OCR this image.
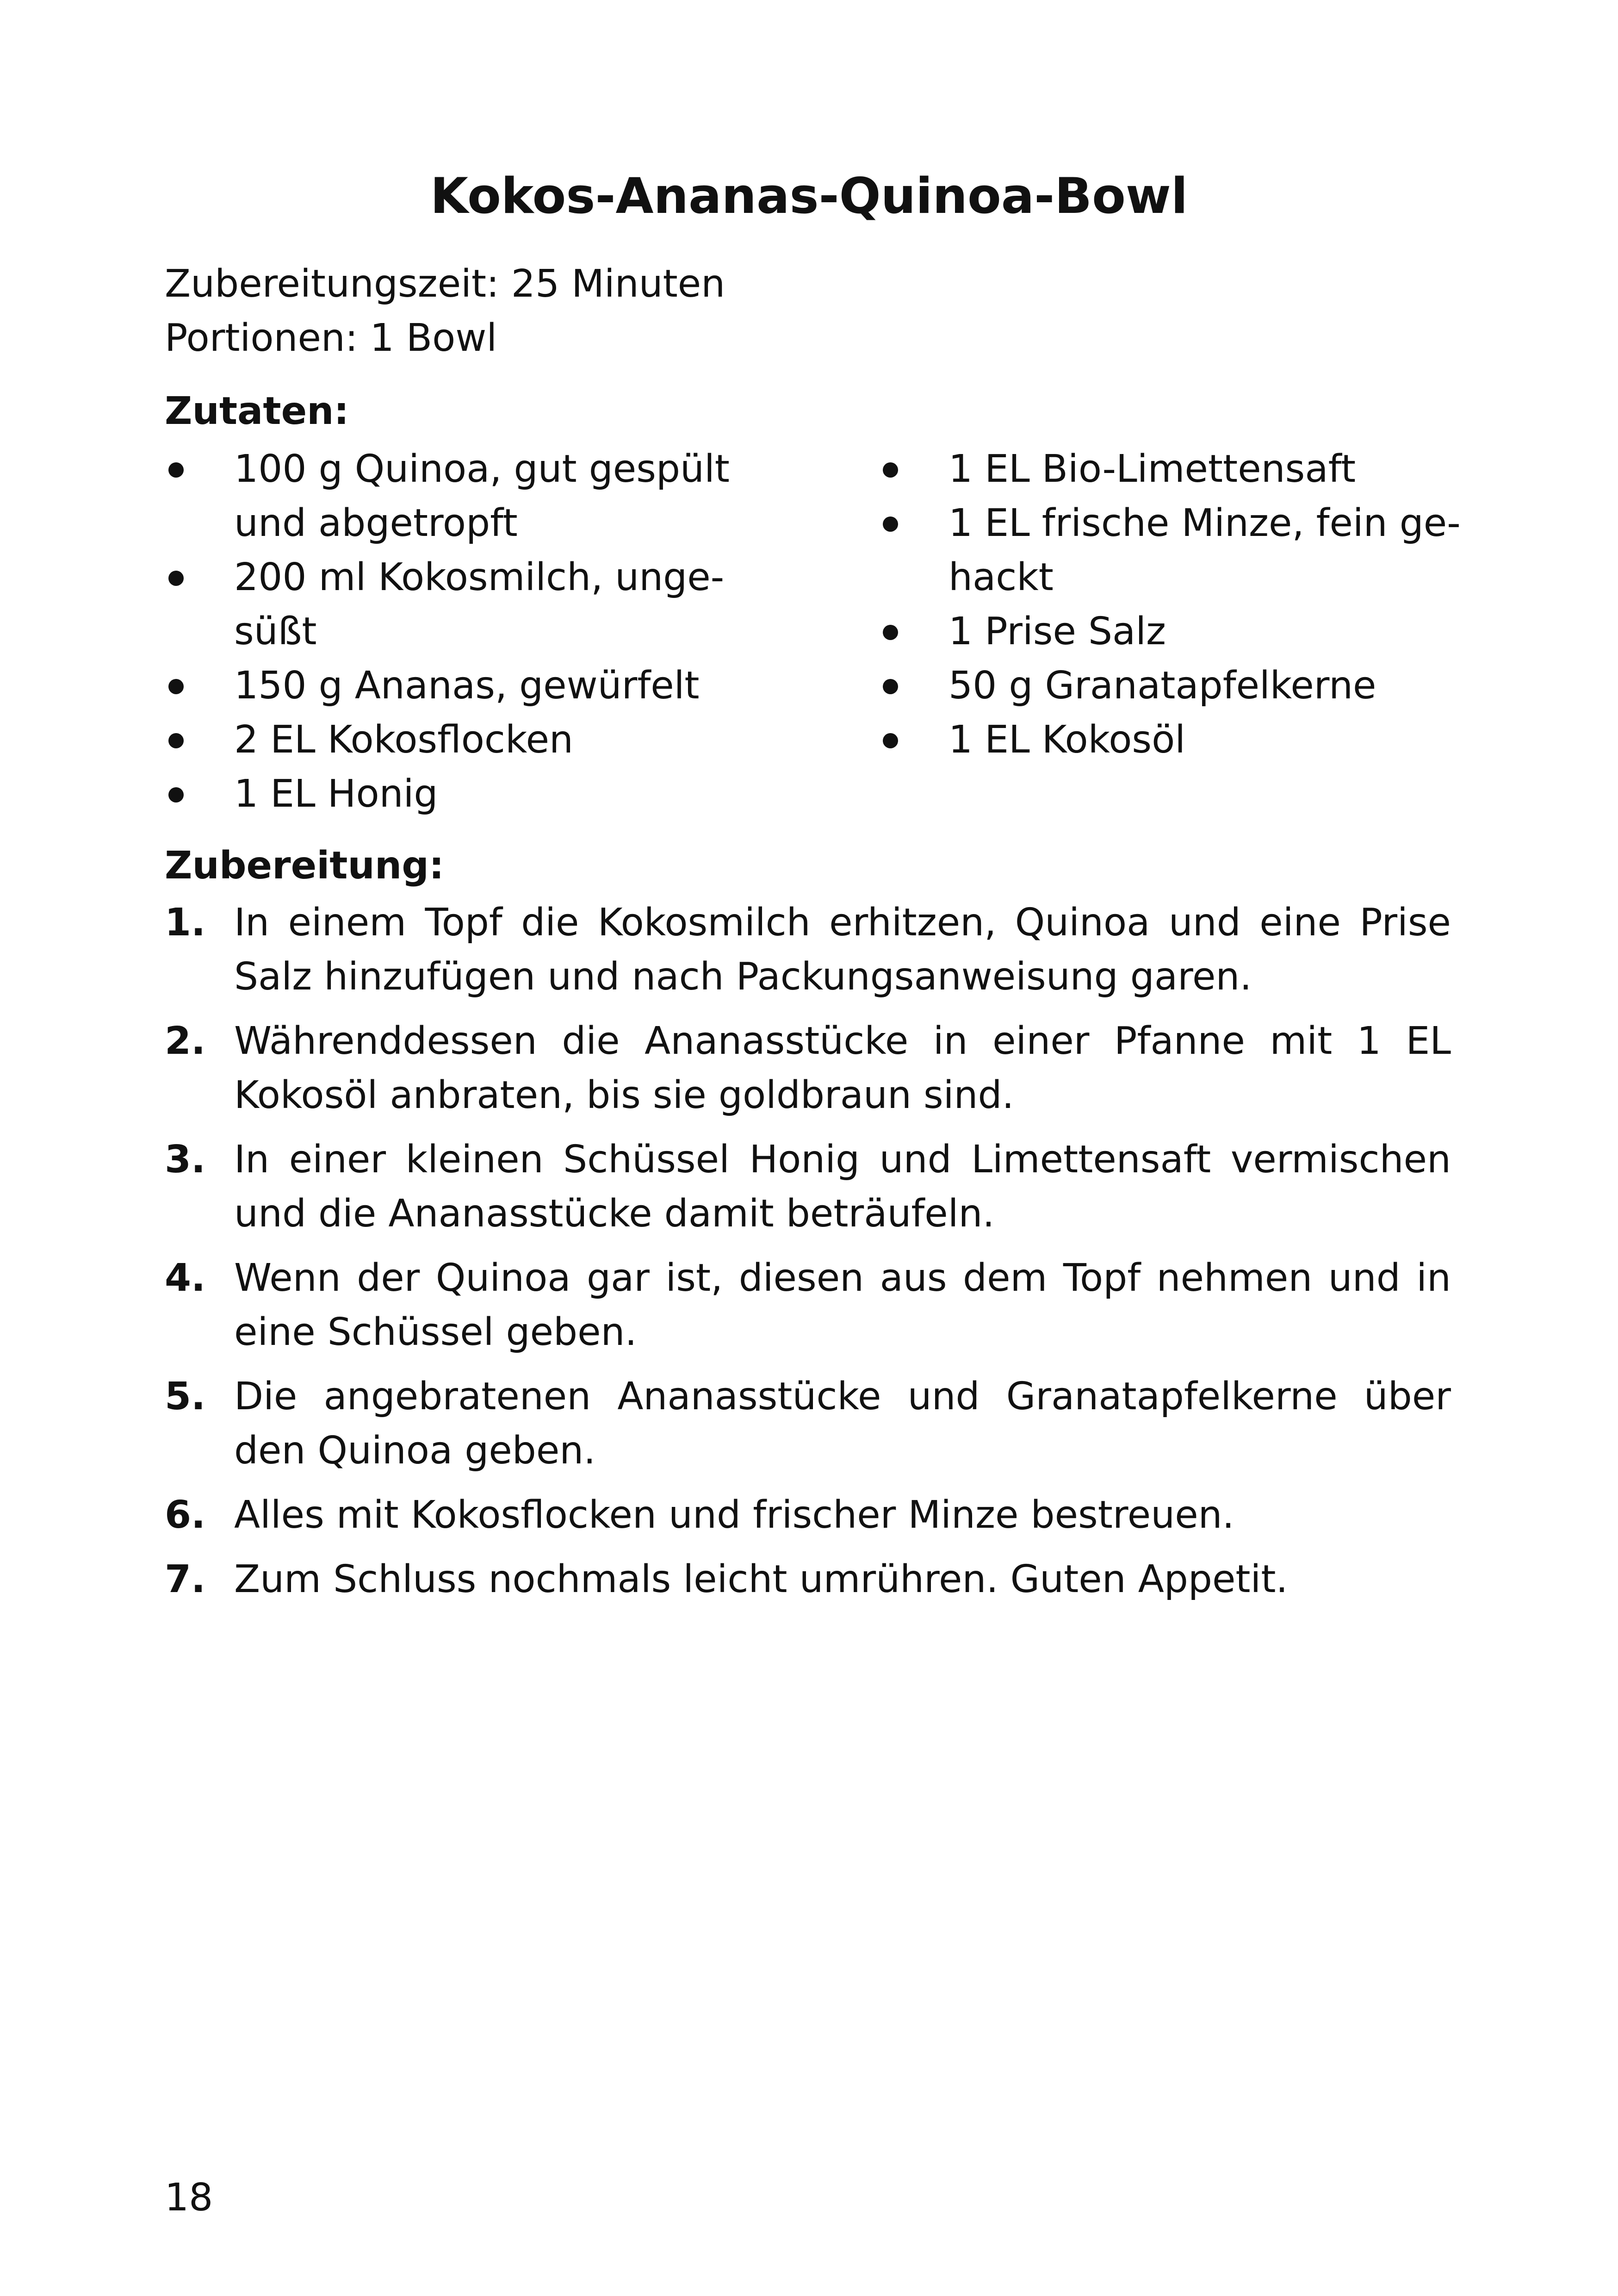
Kokos-Ananas-Quinoa-Bowl
Zubereitungszeit: 25 Minuten
Portionen: 1 Bowl
Zutaten:
100 g Quinoa, gut gespült
und abgetropft
200 ml Kokosmilch, unge-
süßt
150 g Ananas, gewürfelt
2 EL Kokosflocken
1 EL Honig
1 EL Bio-Limettensaft
1 EL frische Minze, fein ge-
hackt
1 Prise Salz
50 g Granatapfelkerne
1 EL Kokosöl
Zubereitung:
1. In einem Topf die Kokosmilch erhitzen, Quinoa und eine Prise Salz hinzufügen und nach Packungsanweisung garen.
2. Währenddessen die Ananasstücke in einer Pfanne mit 1 EL Kokosöl anbraten, bis sie goldbraun sind.
3. In einer kleinen Schüssel Honig und Limettensaft vermischen und die Ananasstücke damit beträufeln.
4. Wenn der Quinoa gar ist, diesen aus dem Topf nehmen und in eine Schüssel geben.
5. Die angebratenen Ananasstücke und Granatapfelkerne über den Quinoa geben.
6. Alles mit Kokosflocken und frischer Minze bestreuen.
7. Zum Schluss nochmals leicht umrühren. Guten Appetit.
18
